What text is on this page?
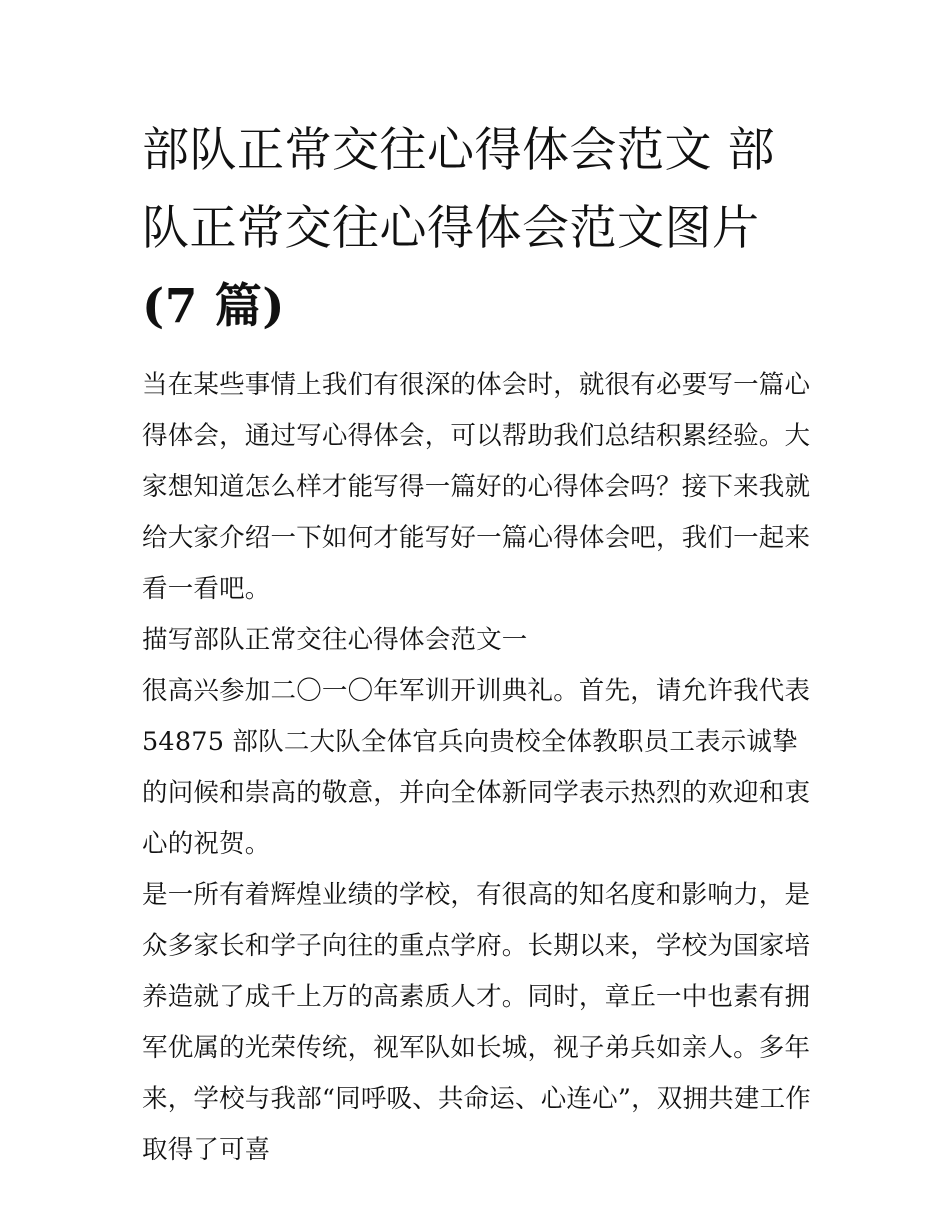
部队正常交往心得体会范文 部
队正常交往心得体会范文图片
(7 篇)

当在某些事情上我们有很深的体会时，就很有必要写一篇心得体会，通过写心得体会，可以帮助我们总结积累经验。大家想知道怎么样才能写得一篇好的心得体会吗？接下来我就给大家介绍一下如何才能写好一篇心得体会吧，我们一起来看一看吧。

描写部队正常交往心得体会范文一

很高兴参加二〇一〇年军训开训典礼。首先，请允许我代表 54875 部队二大队全体官兵向贵校全体教职员工表示诚挚的问候和崇高的敬意，并向全体新同学表示热烈的欢迎和衷心的祝贺。

是一所有着辉煌业绩的学校，有很高的知名度和影响力，是众多家长和学子向往的重点学府。长期以来，学校为国家培养造就了成千上万的高素质人才。同时，章丘一中也素有拥军优属的光荣传统，视军队如长城，视子弟兵如亲人。多年来，学校与我部“同呼吸、共命运、心连心”，双拥共建工作取得了可喜
